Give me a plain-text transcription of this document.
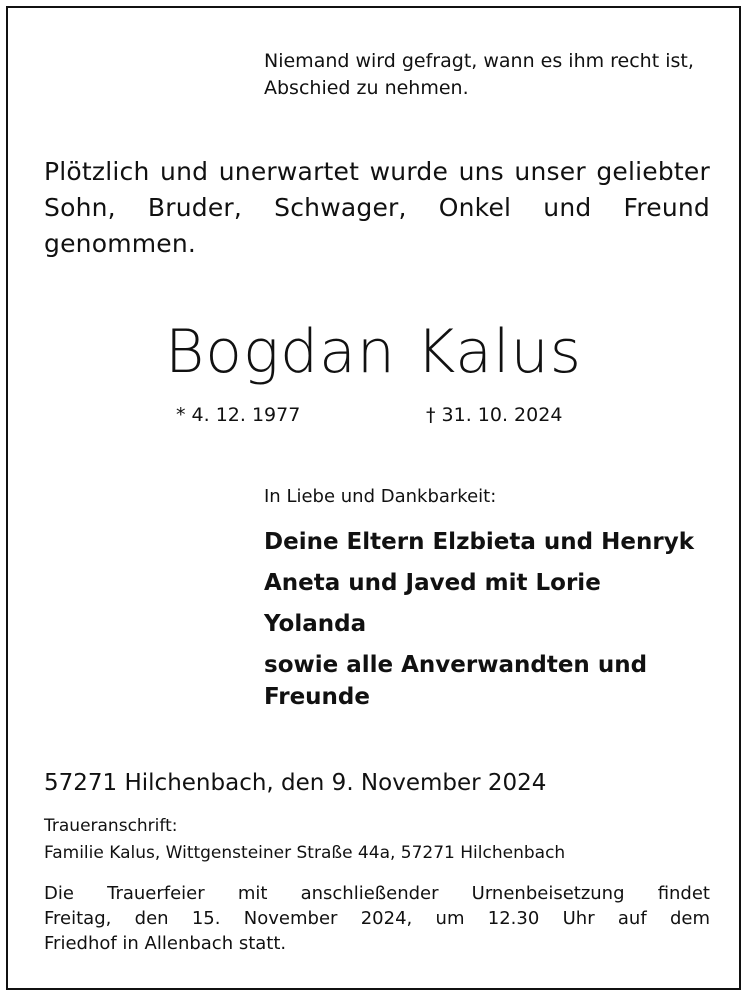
Niemand wird gefragt, wann es ihm recht ist,
Abschied zu nehmen.
Plötzlich und unerwartet wurde uns unser geliebter
Sohn, Bruder, Schwager, Onkel und Freund
genommen.
Bogdan Kalus
* 4. 12. 1977	† 31. 10. 2024
In Liebe und Dankbarkeit:
Deine Eltern Elzbieta und Henryk
Aneta und Javed mit Lorie
Yolanda
sowie alle Anverwandten und Freunde
57271 Hilchenbach, den 9. November 2024
Traueranschrift:
Familie Kalus, Wittgensteiner Straße 44a, 57271 Hilchenbach
Die Trauerfeier mit anschließender Urnenbeisetzung findet
Freitag, den 15. November 2024, um 12.30 Uhr auf dem
Friedhof in Allenbach statt.
